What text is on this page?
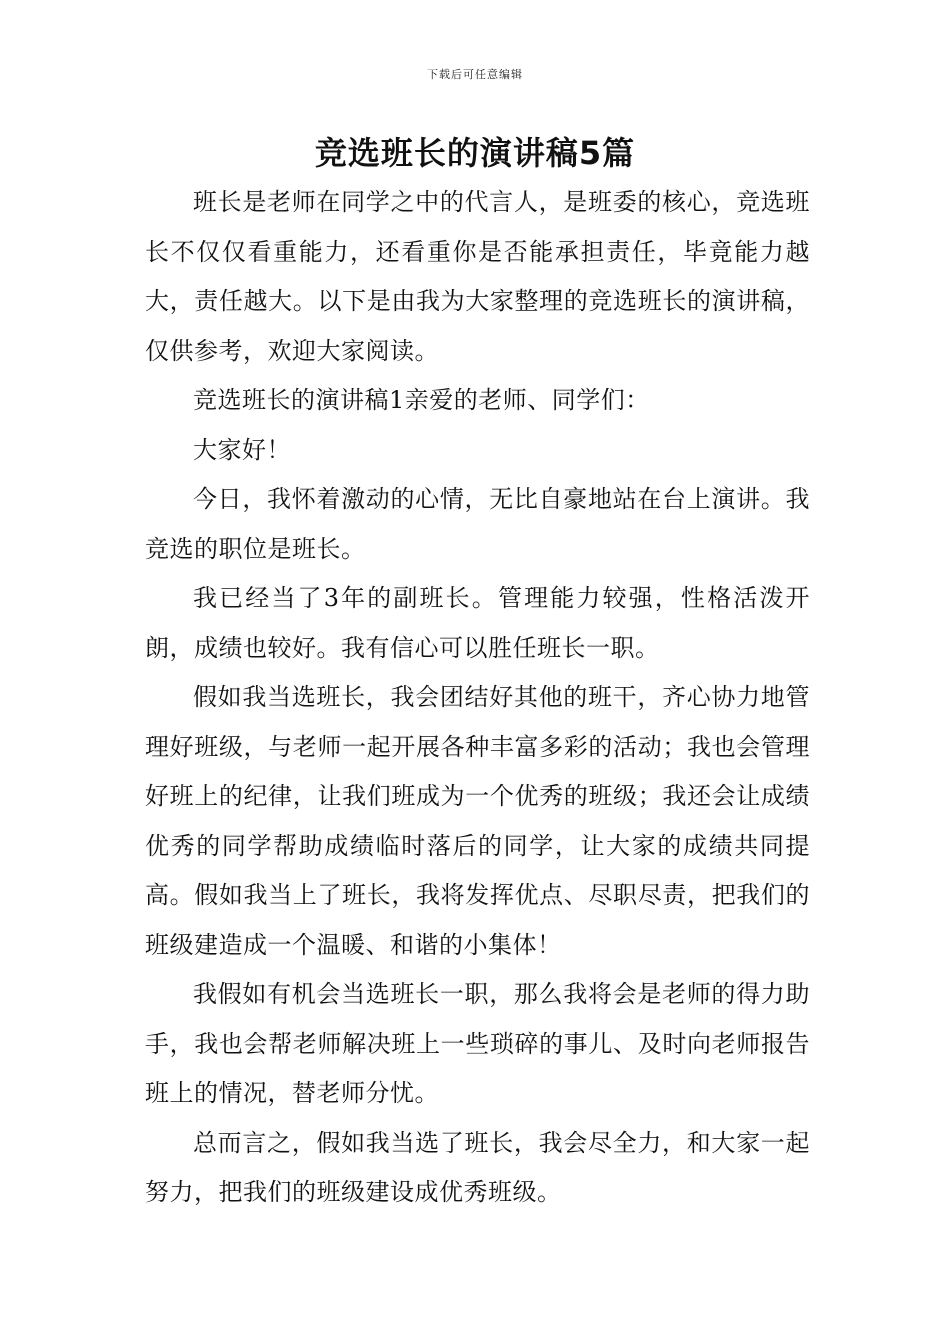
下载后可任意编辑
竞选班长的演讲稿5篇

班长是老师在同学之中的代言人，是班委的核心，竞选班长不仅仅看重能力，还看重你是否能承担责任，毕竟能力越大，责任越大。以下是由我为大家整理的竞选班长的演讲稿，仅供参考，欢迎大家阅读。

竞选班长的演讲稿1亲爱的老师、同学们：

大家好！

今日，我怀着激动的心情，无比自豪地站在台上演讲。我竞选的职位是班长。

我已经当了3年的副班长。管理能力较强，性格活泼开朗，成绩也较好。我有信心可以胜任班长一职。

假如我当选班长，我会团结好其他的班干，齐心协力地管理好班级，与老师一起开展各种丰富多彩的活动；我也会管理好班上的纪律，让我们班成为一个优秀的班级；我还会让成绩优秀的同学帮助成绩临时落后的同学，让大家的成绩共同提高。假如我当上了班长，我将发挥优点、尽职尽责，把我们的班级建造成一个温暖、和谐的小集体！

我假如有机会当选班长一职，那么我将会是老师的得力助手，我也会帮老师解决班上一些琐碎的事儿、及时向老师报告班上的情况，替老师分忧。

总而言之，假如我当选了班长，我会尽全力，和大家一起努力，把我们的班级建设成优秀班级。
